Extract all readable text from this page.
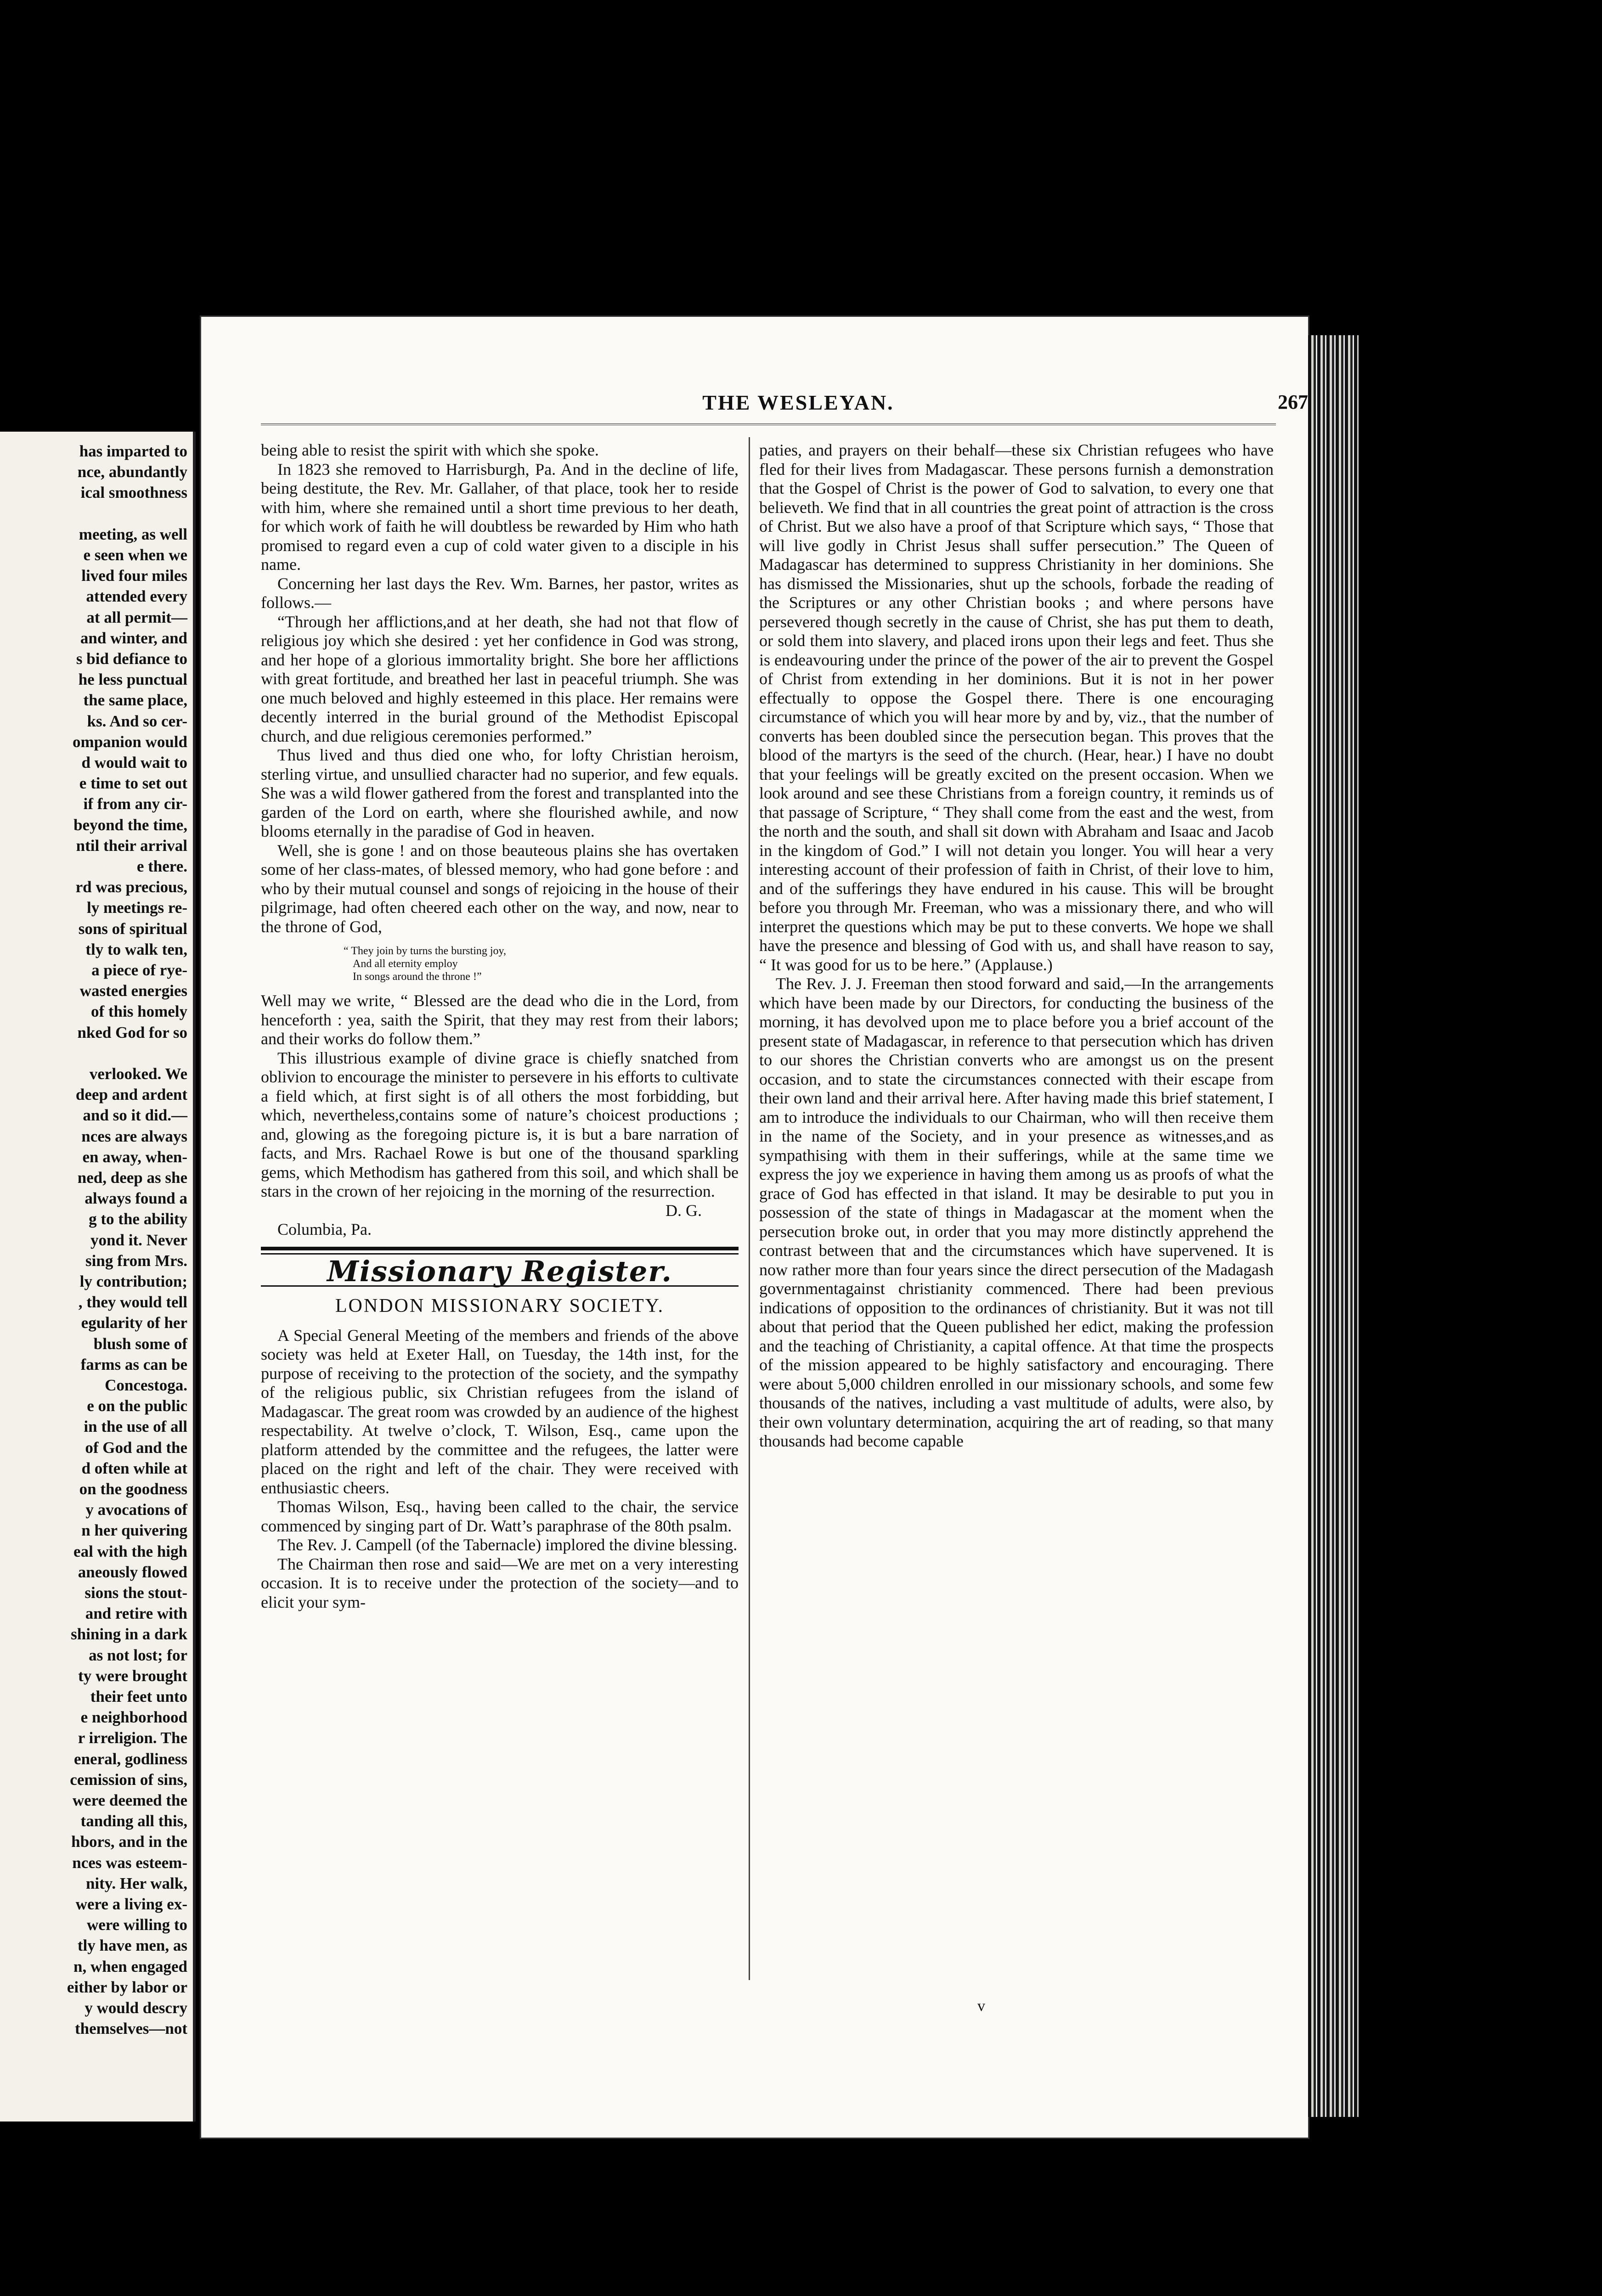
has imparted to
nce, abundantly
ical smoothness
meeting, as well
e seen when we
lived four miles
attended every
at all permit—
and winter, and
s bid defiance to
he less punctual
the same place,
ks. And so cer-
ompanion would
d would wait to
e time to set out
if from any cir-
beyond the time,
ntil their arrival
e there.
rd was precious,
ly meetings re-
sons of spiritual
tly to walk ten,
a piece of rye-
wasted energies
of this homely
nked God for so
verlooked. We
deep and ardent
and so it did.—
nces are always
en away, when-
ned, deep as she
always found a
g to the ability
yond it. Never
sing from Mrs.
ly contribution;
, they would tell
egularity of her
blush some of
farms as can be
Concestoga.
e on the public
in the use of all
of God and the
d often while at
on the goodness
y avocations of
n her quivering
eal with the high
aneously flowed
sions the stout-
and retire with
shining in a dark
as not lost; for
ty were brought
their feet unto
e neighborhood
r irreligion. The
eneral, godliness
cemission of sins,
were deemed the
tanding all this,
hbors, and in the
nces was esteem-
nity. Her walk,
were a living ex-
were willing to
tly have men, as
n, when engaged
either by labor or
y would descry
themselves—not
THE WESLEYAN.	267

being able to resist the spirit with which she spoke.

In 1823 she removed to Harrisburgh, Pa. And in the decline of life, being destitute, the Rev. Mr. Gallaher, of that place, took her to reside with him, where she remained until a short time previous to her death, for which work of faith he will doubtless be rewarded by Him who hath promised to regard even a cup of cold water given to a disciple in his name.

Concerning her last days the Rev. Wm. Barnes, her pastor, writes as follows.—

“Through her afflictions,and at her death, she had not that flow of religious joy which she desired : yet her confidence in God was strong, and her hope of a glorious immortality bright. She bore her afflictions with great fortitude, and breathed her last in peaceful triumph. She was one much beloved and highly esteemed in this place. Her remains were decently interred in the burial ground of the Methodist Episcopal church, and due religious ceremonies performed.”

Thus lived and thus died one who, for lofty Christian heroism, sterling virtue, and unsullied character had no superior, and few equals. She was a wild flower gathered from the forest and transplanted into the garden of the Lord on earth, where she flourished awhile, and now blooms eternally in the paradise of God in heaven.

Well, she is gone ! and on those beauteous plains she has overtaken some of her class-mates, of blessed memory, who had gone before : and who by their mutual counsel and songs of rejoicing in the house of their pilgrimage, had often cheered each other on the way, and now, near to the throne of God,

“ They join by turns the bursting joy,
And all eternity employ
In songs around the throne !”

Well may we write, “ Blessed are the dead who die in the Lord, from henceforth : yea, saith the Spirit, that they may rest from their labors; and their works do follow them.”

This illustrious example of divine grace is chiefly snatched from oblivion to encourage the minister to persevere in his efforts to cultivate a field which, at first sight is of all others the most forbidding, but which, nevertheless,contains some of nature’s choicest productions ; and, glowing as the foregoing picture is, it is but a bare narration of facts, and Mrs. Rachael Rowe is but one of the thousand sparkling gems, which Methodism has gathered from this soil, and which shall be stars in the crown of her rejoicing in the morning of the resurrection.

D. G.

Columbia, Pa.

Missionary Register.
LONDON MISSIONARY SOCIETY.

A Special General Meeting of the members and friends of the above society was held at Exeter Hall, on Tuesday, the 14th inst, for the purpose of receiving to the protection of the society, and the sympathy of the religious public, six Christian refugees from the island of Madagascar. The great room was crowded by an audience of the highest respectability. At twelve o’clock, T. Wilson, Esq., came upon the platform attended by the committee and the refugees, the latter were placed on the right and left of the chair. They were received with enthusiastic cheers.

Thomas Wilson, Esq., having been called to the chair, the service commenced by singing part of Dr. Watt’s paraphrase of the 80th psalm.

The Rev. J. Campell (of the Tabernacle) implored the divine blessing.

The Chairman then rose and said—We are met on a very interesting occasion. It is to receive under the protection of the society—and to elicit your sym-

paties, and prayers on their behalf—these six Christian refugees who have fled for their lives from Madagascar. These persons furnish a demonstration that the Gospel of Christ is the power of God to salvation, to every one that believeth. We find that in all countries the great point of attraction is the cross of Christ. But we also have a proof of that Scripture which says, “ Those that will live godly in Christ Jesus shall suffer persecution.” The Queen of Madagascar has determined to suppress Christianity in her dominions. She has dismissed the Missionaries, shut up the schools, forbade the reading of the Scriptures or any other Christian books ; and where persons have persevered though secretly in the cause of Christ, she has put them to death, or sold them into slavery, and placed irons upon their legs and feet. Thus she is endeavouring under the prince of the power of the air to prevent the Gospel of Christ from extending in her dominions. But it is not in her power effectually to oppose the Gospel there. There is one encouraging circumstance of which you will hear more by and by, viz., that the number of converts has been doubled since the persecution began. This proves that the blood of the martyrs is the seed of the church. (Hear, hear.) I have no doubt that your feelings will be greatly excited on the present occasion. When we look around and see these Christians from a foreign country, it reminds us of that passage of Scripture, “ They shall come from the east and the west, from the north and the south, and shall sit down with Abraham and Isaac and Jacob in the kingdom of God.” I will not detain you longer. You will hear a very interesting account of their profession of faith in Christ, of their love to him, and of the sufferings they have endured in his cause. This will be brought before you through Mr. Freeman, who was a missionary there, and who will interpret the questions which may be put to these converts. We hope we shall have the presence and blessing of God with us, and shall have reason to say, “ It was good for us to be here.” (Applause.)

The Rev. J. J. Freeman then stood forward and said,—In the arrangements which have been made by our Directors, for conducting the business of the morning, it has devolved upon me to place before you a brief account of the present state of Madagascar, in reference to that persecution which has driven to our shores the Christian converts who are amongst us on the present occasion, and to state the circumstances connected with their escape from their own land and their arrival here. After having made this brief statement, I am to introduce the individuals to our Chairman, who will then receive them in the name of the Society, and in your presence as witnesses,and as sympathising with them in their sufferings, while at the same time we express the joy we experience in having them among us as proofs of what the grace of God has effected in that island. It may be desirable to put you in possession of the state of things in Madagascar at the moment when the persecution broke out, in order that you may more distinctly apprehend the contrast between that and the circumstances which have supervened. It is now rather more than four years since the direct persecution of the Madagash governmentagainst christianity commenced. There had been previous indications of opposition to the ordinances of christianity. But it was not till about that period that the Queen published her edict, making the profession and the teaching of Christianity, a capital offence. At that time the prospects of the mission appeared to be highly satisfactory and encouraging. There were about 5,000 children enrolled in our missionary schools, and some few thousands of the natives, including a vast multitude of adults, were also, by their own voluntary determination, acquiring the art of reading, so that many thousands had become capable

v
